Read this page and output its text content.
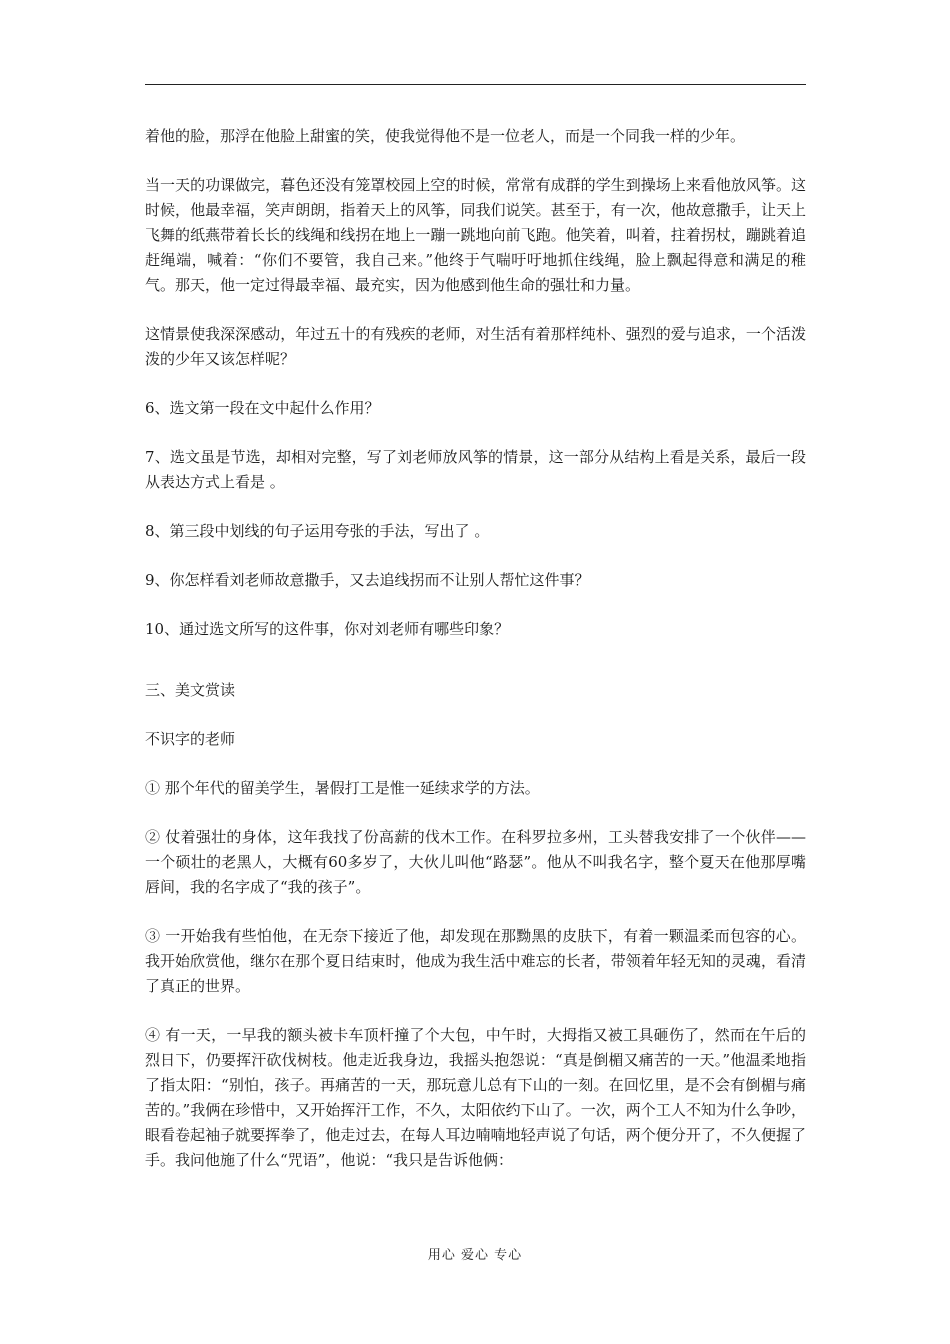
着他的脸，那浮在他脸上甜蜜的笑，使我觉得他不是一位老人，而是一个同我一样的少年。

当一天的功课做完，暮色还没有笼罩校园上空的时候，常常有成群的学生到操场上来看他放风筝。这时候，他最幸福，笑声朗朗，指着天上的风筝，同我们说笑。甚至于，有一次，他故意撒手，让天上飞舞的纸燕带着长长的线绳和线拐在地上一蹦一跳地向前飞跑。他笑着，叫着，拄着拐杖，蹦跳着追赶绳端，喊着：“你们不要管，我自己来。”他终于气喘吁吁地抓住线绳，脸上飘起得意和满足的稚气。那天，他一定过得最幸福、最充实，因为他感到他生命的强壮和力量。

这情景使我深深感动，年过五十的有残疾的老师，对生活有着那样纯朴、强烈的爱与追求，一个活泼泼的少年又该怎样呢？

6、选文第一段在文中起什么作用？

7、选文虽是节选，却相对完整，写了刘老师放风筝的情景，这一部分从结构上看是关系，最后一段从表达方式上看是 。

8、第三段中划线的句子运用夸张的手法，写出了 。

9、你怎样看刘老师故意撒手，又去追线拐而不让别人帮忙这件事？

10、通过选文所写的这件事，你对刘老师有哪些印象？

三、美文赏读

不识字的老师

① 那个年代的留美学生，暑假打工是惟一延续求学的方法。

② 仗着强壮的身体，这年我找了份高薪的伐木工作。在科罗拉多州，工头替我安排了一个伙伴——一个硕壮的老黑人，大概有60多岁了，大伙儿叫他“路瑟”。他从不叫我名字，整个夏天在他那厚嘴唇间，我的名字成了“我的孩子”。

③ 一开始我有些怕他，在无奈下接近了他，却发现在那黝黑的皮肤下，有着一颗温柔而包容的心。我开始欣赏他，继尔在那个夏日结束时，他成为我生活中难忘的长者，带领着年轻无知的灵魂，看清了真正的世界。

④ 有一天，一早我的额头被卡车顶杆撞了个大包，中午时，大拇指又被工具砸伤了，然而在午后的烈日下，仍要挥汗砍伐树枝。他走近我身边，我摇头抱怨说：“真是倒楣又痛苦的一天。”他温柔地指了指太阳：“别怕，孩子。再痛苦的一天，那玩意儿总有下山的一刻。在回忆里，是不会有倒楣与痛苦的。”我俩在珍惜中，又开始挥汗工作，不久，太阳依约下山了。一次，两个工人不知为什么争吵，眼看卷起袖子就要挥拳了，他走过去，在每人耳边喃喃地轻声说了句话，两个便分开了，不久便握了手。我问他施了什么“咒语”，他说：“我只是告诉他俩：

用心 爱心 专心
